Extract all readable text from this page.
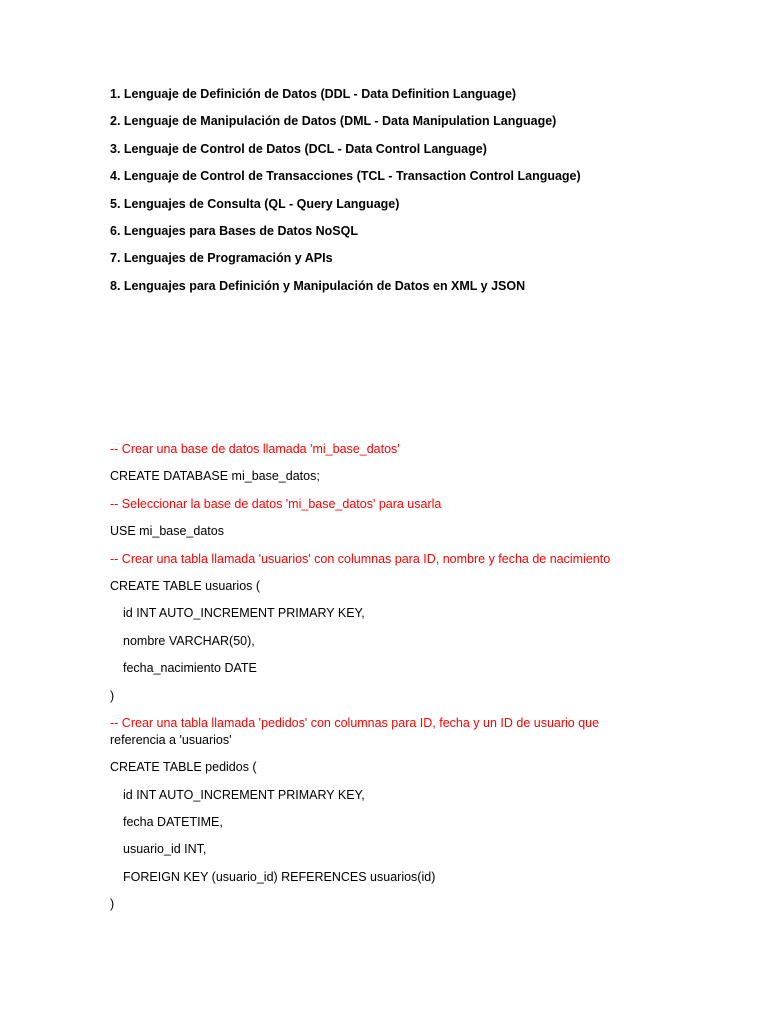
1. Lenguaje de Definición de Datos (DDL - Data Definition Language)
2. Lenguaje de Manipulación de Datos (DML - Data Manipulation Language)
3. Lenguaje de Control de Datos (DCL - Data Control Language)
4. Lenguaje de Control de Transacciones (TCL - Transaction Control Language)
5. Lenguajes de Consulta (QL - Query Language)
6. Lenguajes para Bases de Datos NoSQL
7. Lenguajes de Programación y APIs
8. Lenguajes para Definición y Manipulación de Datos en XML y JSON
-- Crear una base de datos llamada 'mi_base_datos'
CREATE DATABASE mi_base_datos;
-- Seleccionar la base de datos 'mi_base_datos' para usarla
USE mi_base_datos
-- Crear una tabla llamada 'usuarios' con columnas para ID, nombre y fecha de nacimiento
CREATE TABLE usuarios (
id INT AUTO_INCREMENT PRIMARY KEY,
nombre VARCHAR(50),
fecha_nacimiento DATE
)
-- Crear una tabla llamada 'pedidos' con columnas para ID, fecha y un ID de usuario que
referencia a 'usuarios'
CREATE TABLE pedidos (
id INT AUTO_INCREMENT PRIMARY KEY,
fecha DATETIME,
usuario_id INT,
FOREIGN KEY (usuario_id) REFERENCES usuarios(id)
)
